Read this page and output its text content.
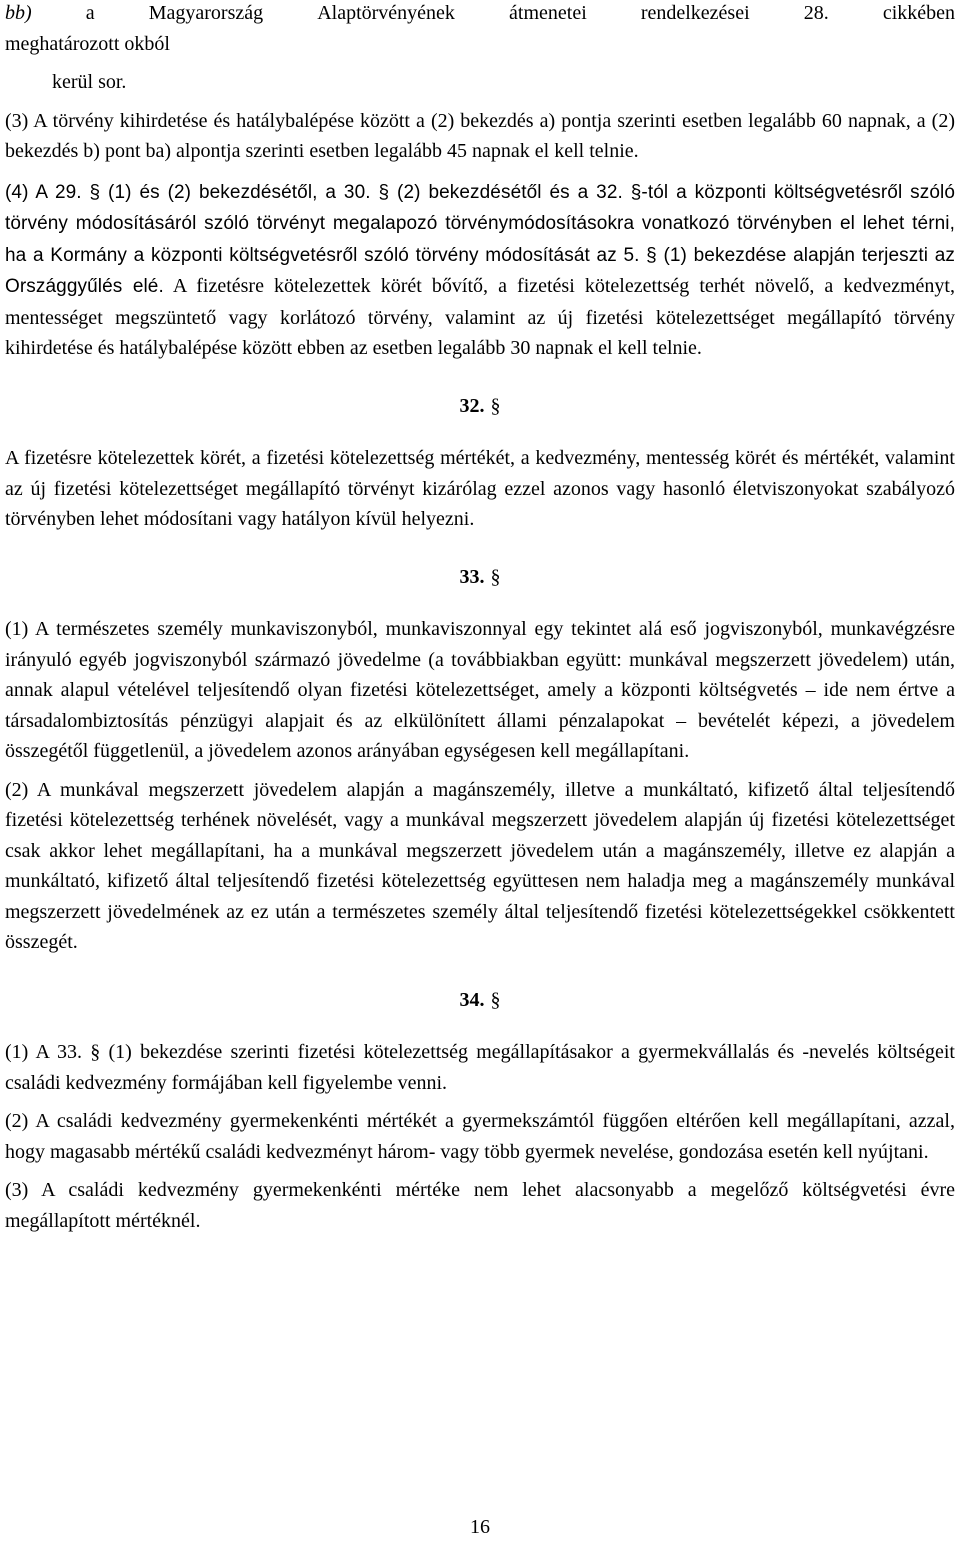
bb)	a	Magyarország	Alaptörvényének	átmenetei	rendelkezései	28.	cikkében

meghatározott okból

kerül sor.

(3) A törvény kihirdetése és hatálybalépése között a (2) bekezdés a) pontja szerinti esetben legalább 60 napnak, a (2) bekezdés b) pont ba) alpontja szerinti esetben legalább 45 napnak el kell telnie.

(4) A 29. § (1) és (2) bekezdésétől, a 30. § (2) bekezdésétől és a 32. §-tól a központi költségvetésről szóló törvény módosításáról szóló törvényt megalapozó törvénymódosításokra vonatkozó törvényben el lehet térni, ha a Kormány a központi költségvetésről szóló törvény módosítását az 5. § (1) bekezdése alapján terjeszti az Országgyűlés elé. A fizetésre kötelezettek körét bővítő, a fizetési kötelezettség terhét növelő, a kedvezményt, mentességet megszüntető vagy korlátozó törvény, valamint az új fizetési kötelezettséget megállapító törvény kihirdetése és hatálybalépése között ebben az esetben legalább 30 napnak el kell telnie.

32. §

A fizetésre kötelezettek körét, a fizetési kötelezettség mértékét, a kedvezmény, mentesség körét és mértékét, valamint az új fizetési kötelezettséget megállapító törvényt kizárólag ezzel azonos vagy hasonló életviszonyokat szabályozó törvényben lehet módosítani vagy hatályon kívül helyezni.

33. §

(1) A természetes személy munkaviszonyból, munkaviszonnyal egy tekintet alá eső jogviszonyból, munkavégzésre irányuló egyéb jogviszonyból származó jövedelme (a továbbiakban együtt: munkával megszerzett jövedelem) után, annak alapul vételével teljesítendő olyan fizetési kötelezettséget, amely a központi költségvetés – ide nem értve a társadalombiztosítás pénzügyi alapjait és az elkülönített állami pénzalapokat – bevételét képezi, a jövedelem összegétől függetlenül, a jövedelem azonos arányában egységesen kell megállapítani.

(2) A munkával megszerzett jövedelem alapján a magánszemély, illetve a munkáltató, kifizető által teljesítendő fizetési kötelezettség terhének növelését, vagy a munkával megszerzett jövedelem alapján új fizetési kötelezettséget csak akkor lehet megállapítani, ha a munkával megszerzett jövedelem után a magánszemély, illetve ez alapján a munkáltató, kifizető által teljesítendő fizetési kötelezettség együttesen nem haladja meg a magánszemély munkával megszerzett jövedelmének az ez után a természetes személy által teljesítendő fizetési kötelezettségekkel csökkentett összegét.

34. §

(1) A 33. § (1) bekezdése szerinti fizetési kötelezettség megállapításakor a gyermekvállalás és -nevelés költségeit családi kedvezmény formájában kell figyelembe venni.

(2) A családi kedvezmény gyermekenkénti mértékét a gyermekszámtól függően eltérően kell megállapítani, azzal, hogy magasabb mértékű családi kedvezményt három- vagy több gyermek nevelése, gondozása esetén kell nyújtani.

(3) A családi kedvezmény gyermekenkénti mértéke nem lehet alacsonyabb a megelőző költségvetési évre megállapított mértéknél.

16
